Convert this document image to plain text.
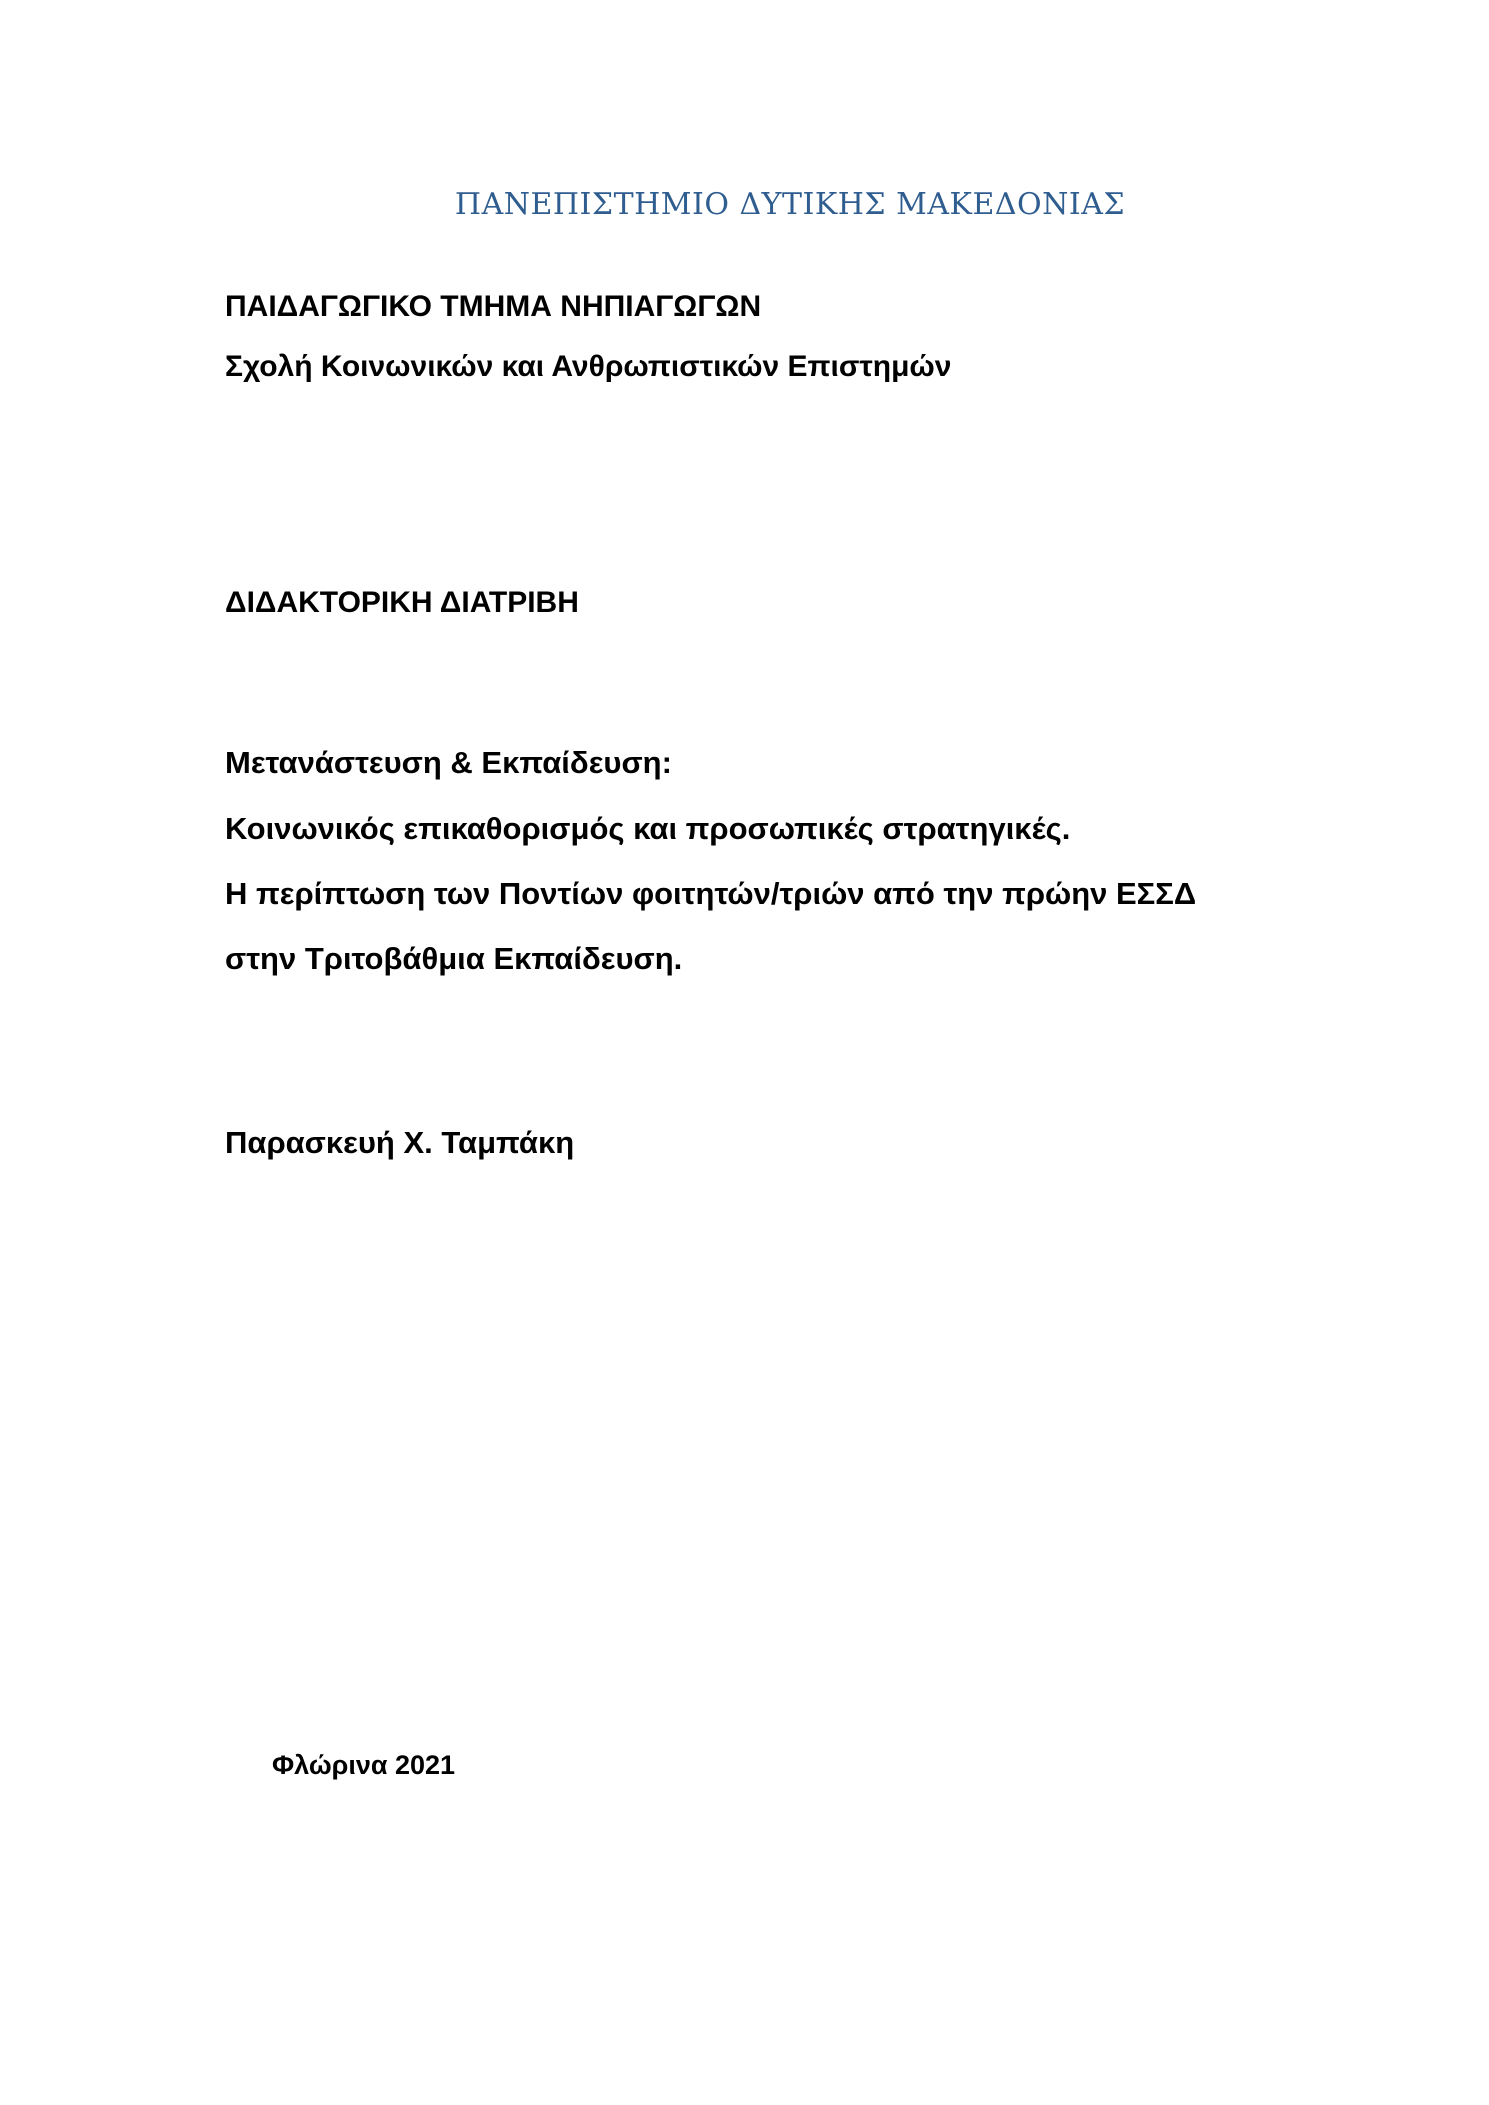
ΠΑΝΕΠΙΣΤΗΜΙΟ ΔΥΤΙΚΗΣ ΜΑΚΕΔΟΝΙΑΣ
ΠΑΙΔΑΓΩΓΙΚΟ ΤΜΗΜΑ ΝΗΠΙΑΓΩΓΩΝ
Σχολή Κοινωνικών και Ανθρωπιστικών Επιστημών
ΔΙΔΑΚΤΟΡΙΚΗ ΔΙΑΤΡΙΒΗ
Μετανάστευση & Εκπαίδευση:
Κοινωνικός επικαθορισμός και προσωπικές στρατηγικές.
Η περίπτωση των Ποντίων φοιτητών/τριών από την πρώην ΕΣΣΔ
στην Τριτοβάθμια Εκπαίδευση.
Παρασκευή Χ. Ταμπάκη
Φλώρινα 2021
